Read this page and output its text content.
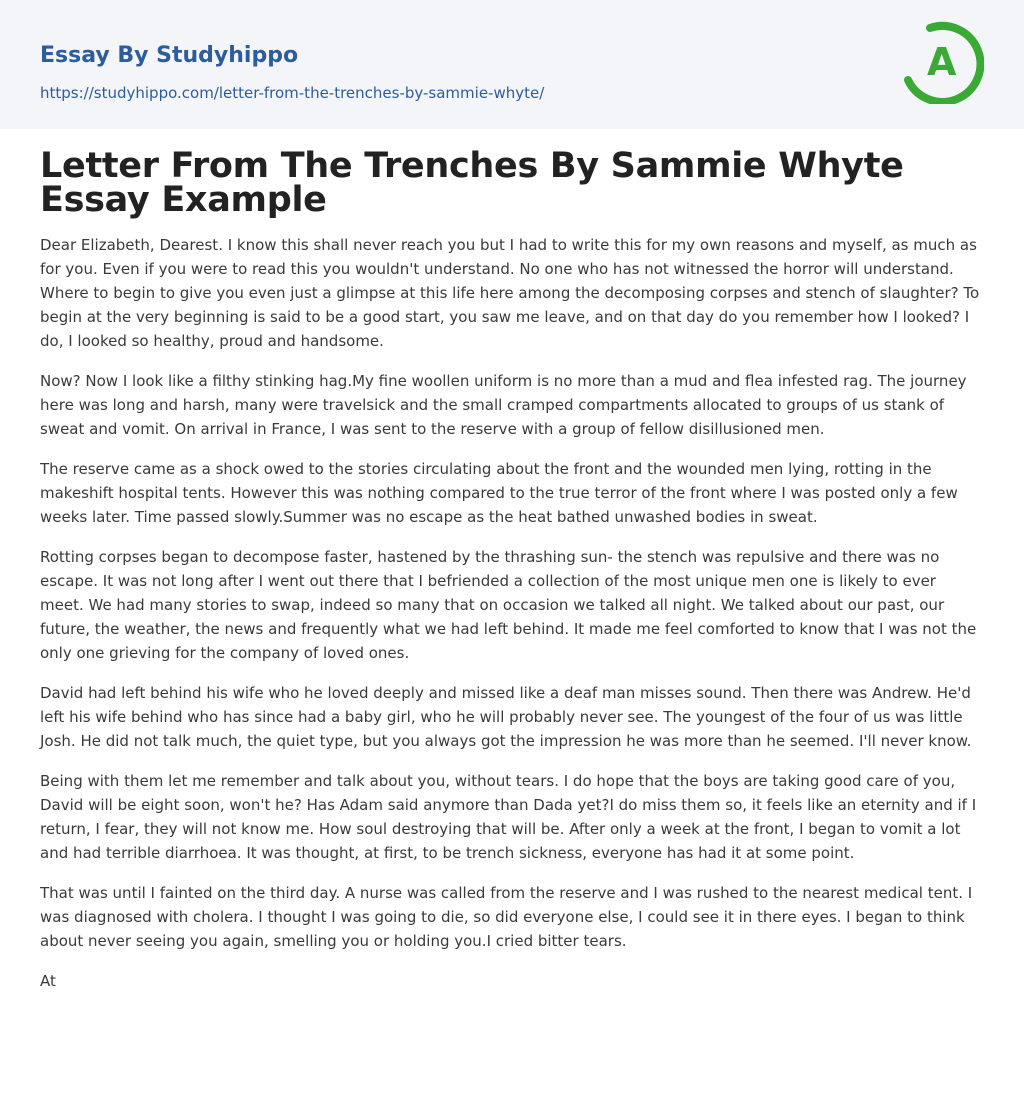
Essay By Studyhippo
https://studyhippo.com/letter-from-the-trenches-by-sammie-whyte/
A
Letter From The Trenches By Sammie Whyte Essay Example

Dear Elizabeth, Dearest. I know this shall never reach you but I had to write this for my own reasons and myself, as much as for you. Even if you were to read this you wouldn't understand. No one who has not witnessed the horror will understand. Where to begin to give you even just a glimpse at this life here among the decomposing corpses and stench of slaughter? To begin at the very beginning is said to be a good start, you saw me leave, and on that day do you remember how I looked? I do, I looked so healthy, proud and handsome.

Now? Now I look like a filthy stinking hag.My fine woollen uniform is no more than a mud and flea infested rag. The journey here was long and harsh, many were travelsick and the small cramped compartments allocated to groups of us stank of sweat and vomit. On arrival in France, I was sent to the reserve with a group of fellow disillusioned men.

The reserve came as a shock owed to the stories circulating about the front and the wounded men lying, rotting in the makeshift hospital tents. However this was nothing compared to the true terror of the front where I was posted only a few weeks later. Time passed slowly.Summer was no escape as the heat bathed unwashed bodies in sweat.

Rotting corpses began to decompose faster, hastened by the thrashing sun- the stench was repulsive and there was no escape. It was not long after I went out there that I befriended a collection of the most unique men one is likely to ever meet. We had many stories to swap, indeed so many that on occasion we talked all night. We talked about our past, our future, the weather, the news and frequently what we had left behind. It made me feel comforted to know that I was not the only one grieving for the company of loved ones.

David had left behind his wife who he loved deeply and missed like a deaf man misses sound. Then there was Andrew. He'd left his wife behind who has since had a baby girl, who he will probably never see. The youngest of the four of us was little Josh. He did not talk much, the quiet type, but you always got the impression he was more than he seemed. I'll never know.

Being with them let me remember and talk about you, without tears. I do hope that the boys are taking good care of you, David will be eight soon, won't he? Has Adam said anymore than Dada yet?I do miss them so, it feels like an eternity and if I return, I fear, they will not know me. How soul destroying that will be. After only a week at the front, I began to vomit a lot and had terrible diarrhoea. It was thought, at first, to be trench sickness, everyone has had it at some point.

That was until I fainted on the third day. A nurse was called from the reserve and I was rushed to the nearest medical tent. I was diagnosed with cholera. I thought I was going to die, so did everyone else, I could see it in there eyes. I began to think about never seeing you again, smelling you or holding you.I cried bitter tears.

At
